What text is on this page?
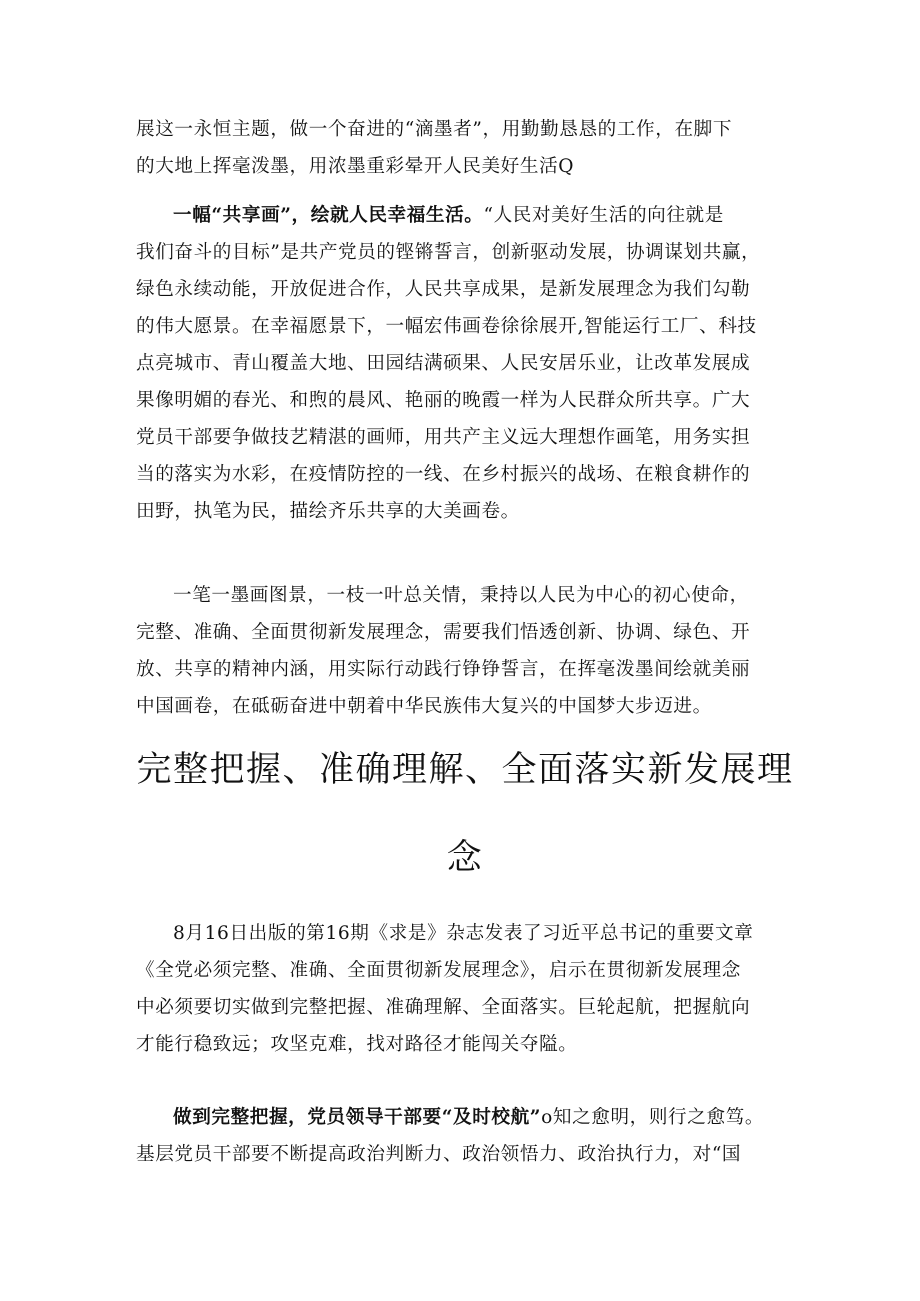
展这一永恒主题，做一个奋进的“滴墨者”，用勤勤恳恳的工作，在脚下
的大地上挥毫泼墨，用浓墨重彩晕开人民美好生活Q
一幅“共享画”，绘就人民幸福生活。“人民对美好生活的向往就是
我们奋斗的目标”是共产党员的铿锵誓言，创新驱动发展，协调谋划共赢，
绿色永续动能，开放促进合作，人民共享成果，是新发展理念为我们勾勒
的伟大愿景。在幸福愿景下，一幅宏伟画卷徐徐展开,智能运行工厂、科技
点亮城市、青山覆盖大地、田园结满硕果、人民安居乐业，让改革发展成
果像明媚的春光、和煦的晨风、艳丽的晚霞一样为人民群众所共享。广大
党员干部要争做技艺精湛的画师，用共产主义远大理想作画笔，用务实担
当的落实为水彩，在疫情防控的一线、在乡村振兴的战场、在粮食耕作的
田野，执笔为民，描绘齐乐共享的大美画卷。
一笔一墨画图景，一枝一叶总关情，秉持以人民为中心的初心使命，
完整、准确、全面贯彻新发展理念，需要我们悟透创新、协调、绿色、开
放、共享的精神内涵，用实际行动践行铮铮誓言，在挥毫泼墨间绘就美丽
中国画卷，在砥砺奋进中朝着中华民族伟大复兴的中国梦大步迈进。
完整把握、准确理解、全面落实新发展理
念
8月16日出版的第16期《求是》杂志发表了习近平总书记的重要文章
《全党必须完整、准确、全面贯彻新发展理念》，启示在贯彻新发展理念
中必须要切实做到完整把握、准确理解、全面落实。巨轮起航，把握航向
才能行稳致远；攻坚克难，找对路径才能闯关夺隘。
做到完整把握，党员领导干部要“及时校航”o知之愈明，则行之愈笃。
基层党员干部要不断提高政治判断力、政治领悟力、政治执行力，对“国
